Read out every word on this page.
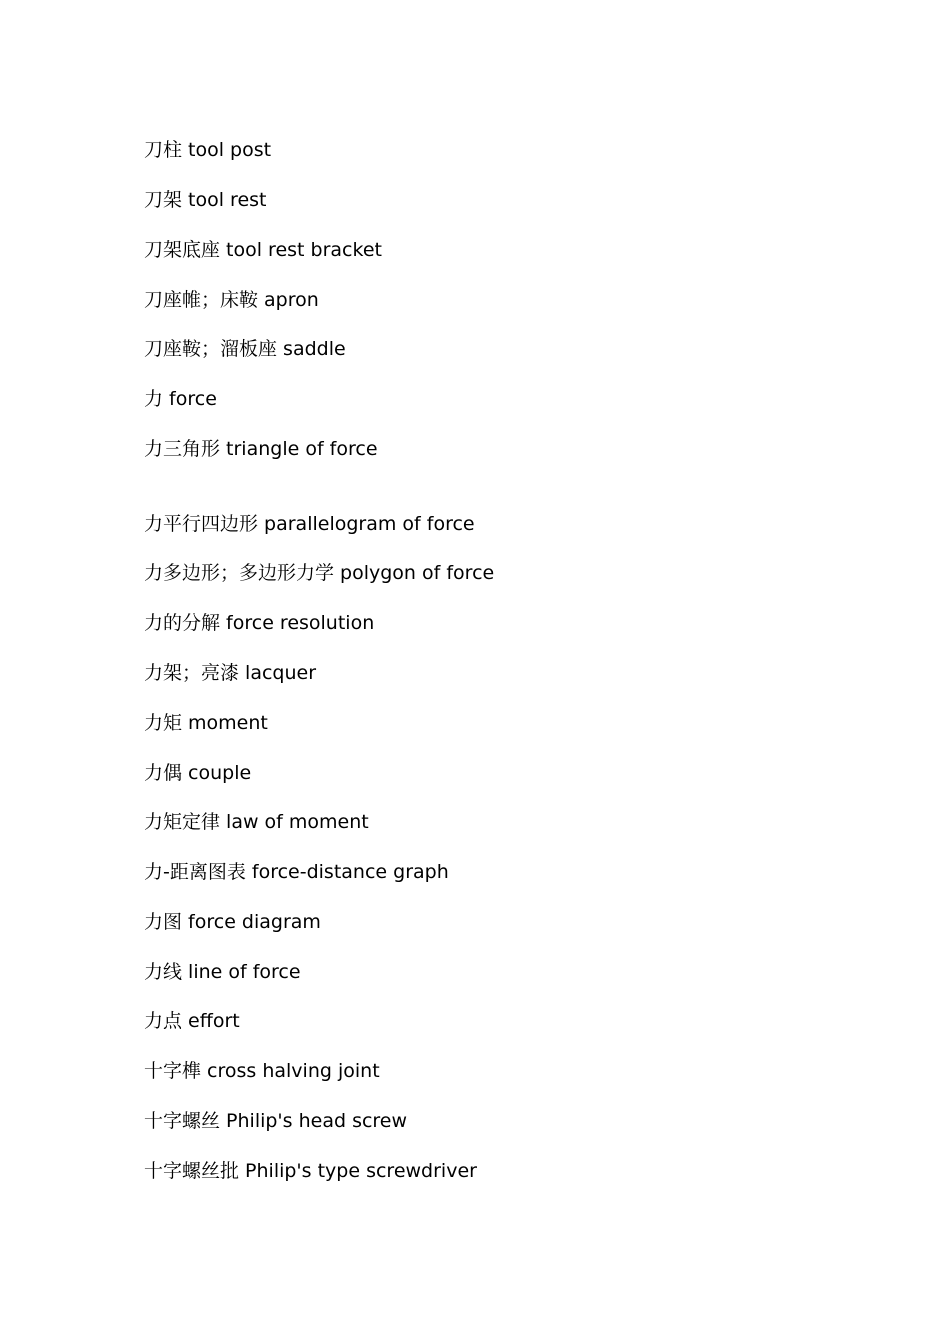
刀柱 tool post
刀架 tool rest
刀架底座 tool rest bracket
刀座帷；床鞍 apron
刀座鞍；溜板座 saddle
力 force
力三角形 triangle of force
力平行四边形 parallelogram of force
力多边形；多边形力学 polygon of force
力的分解 force resolution
力架；亮漆 lacquer
力矩 moment
力偶 couple
力矩定律 law of moment
力-距离图表 force-distance graph
力图 force diagram
力线 line of force
力点 effort
十字榫 cross halving joint
十字螺丝 Philip's head screw
十字螺丝批 Philip's type screwdriver
